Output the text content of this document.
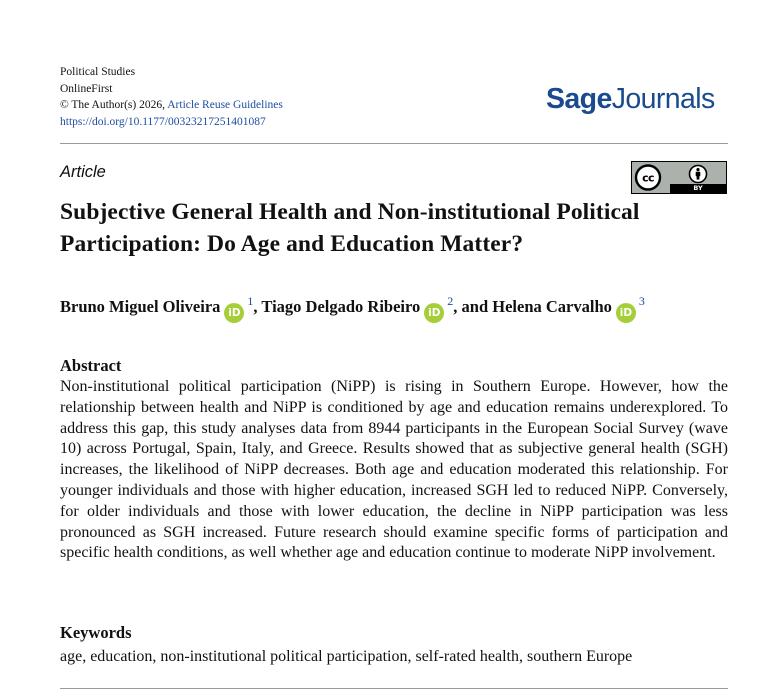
Political Studies
OnlineFirst
© The Author(s) 2026, Article Reuse Guidelines
https://doi.org/10.1177/00323217251401087
SageJournals
Article	cc
BY
Subjective General Health and Non-institutional Political Participation: Do Age and Education Matter?
Bruno Miguel Oliveira $iD^1$, Tiago Delgado Ribeiro $iD^2$, and Helena Carvalho $iD^3$
Abstract
Non-institutional political participation (NiPP) is rising in Southern Europe. However, how the relationship between health and NiPP is conditioned by age and education remains underexplored. To address this gap, this study analyses data from 8944 participants in the European Social Survey (wave 10) across Portugal, Spain, Italy, and Greece. Results showed that as subjective general health (SGH) increases, the likelihood of NiPP decreases. Both age and education moderated this relationship. For younger individuals and those with higher education, increased SGH led to reduced NiPP. Conversely, for older individuals and those with lower education, the decline in NiPP participation was less pronounced as SGH increased. Future research should examine specific forms of participation and specific health conditions, as well whether age and education continue to moderate NiPP involvement.
Keywords
age, education, non-institutional political participation, self-rated health, southern Europe
